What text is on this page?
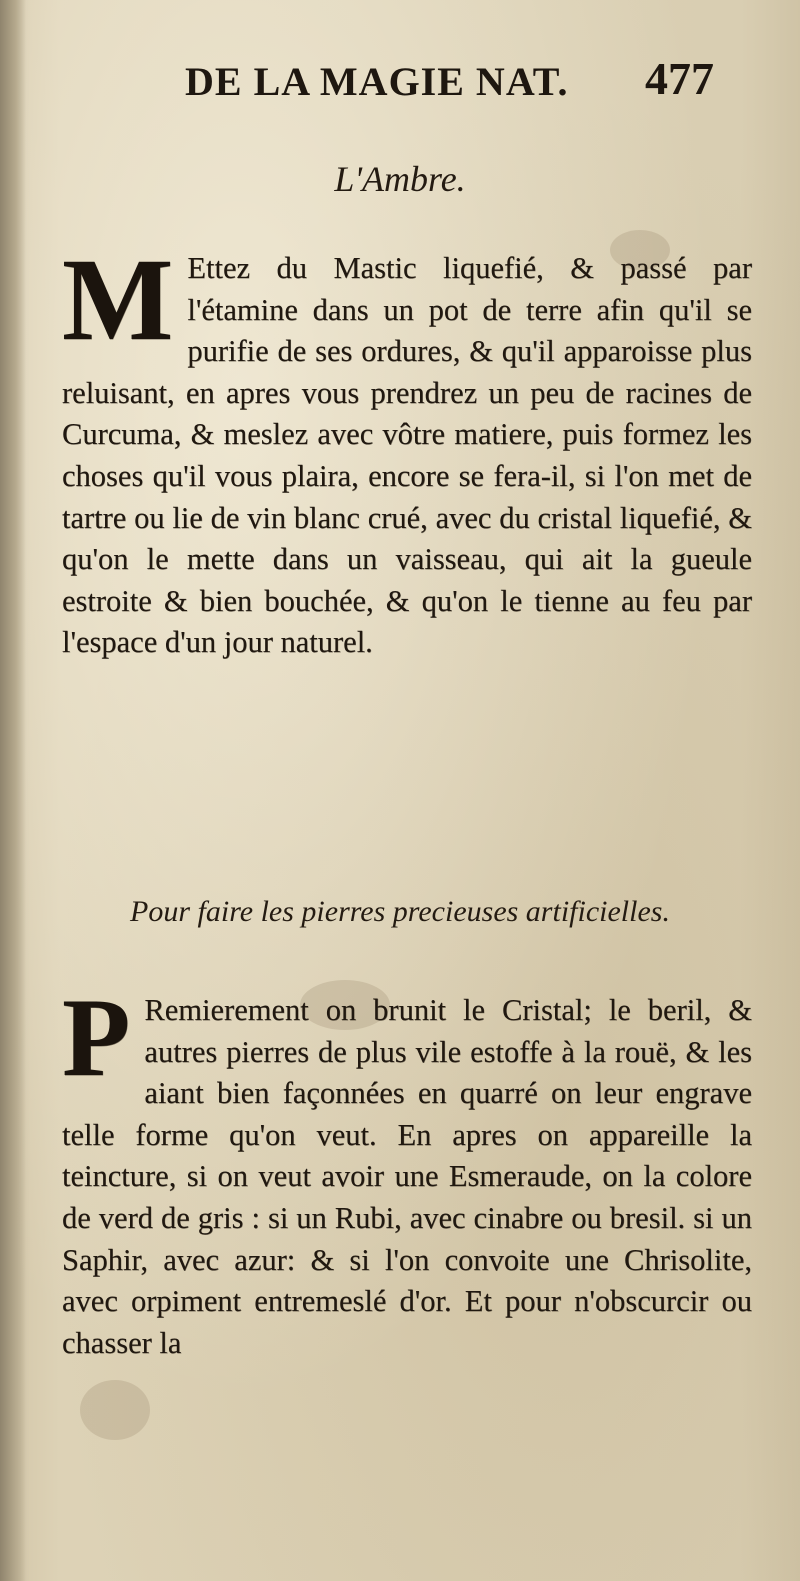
DE LA MAGIE NAT. 477
L'Ambre.
M Ettez du Mastic liquefié, & passé par l'étamine dans un pot de terre afin qu'il se purifie de ses ordures, & qu'il apparoisse plus reluisant, en apres vous prendrez un peu de racines de Curcuma, & meslez avec vôtre matiere, puis formez les choses qu'il vous plaira, encore se fera-il, si l'on met de tartre ou lie de vin blanc crué, avec du cristal liquefié, & qu'on le mette dans un vaisseau, qui ait la gueule estroite & bien bouchée, & qu'on le tienne au feu par l'espace d'un jour naturel.
Pour faire les pierres precieuses artificielles.
P Remierement on brunit le Cristal; le beril, & autres pierres de plus vile estoffe à la rouë, & les aiant bien façonnées en quarré on leur engrave telle forme qu'on veut. En apres on appareille la teincture, si on veut avoir une Esmeraude, on la colore de verd de gris : si un Rubi, avec cinabre ou bresil. si un Saphir, avec azur: & si l'on convoite une Chrisolite, avec orpiment entremeslé d'or. Et pour n'obscurcir ou chasser la
